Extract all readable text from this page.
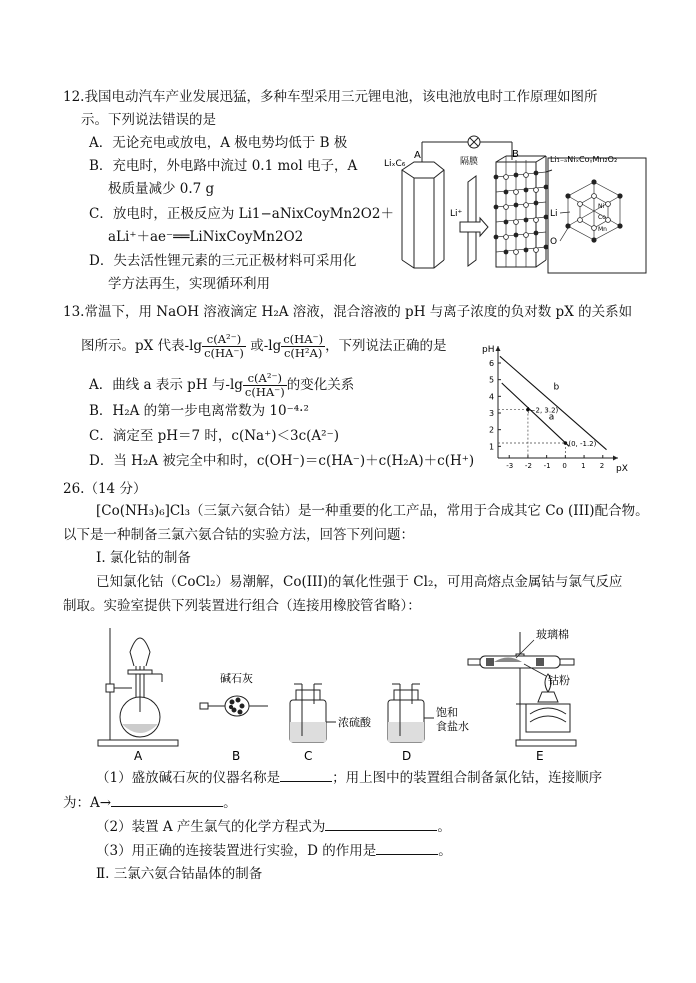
12.我国电动汽车产业发展迅猛，多种车型采用三元锂电池，该电池放电时工作原理如图所
示。下列说法错误的是
A．无论充电或放电，A 极电势均低于 B 极
B．充电时，外电路中流过 0.1 mol 电子，A
极质量减少 0.7 g
C．放电时，正极反应为 Li1−aNixCoyMn2O2＋
aLi⁺＋ae⁻══LiNixCoyMn2O2
D．失去活性锂元素的三元正极材料可采用化
学方法再生，实现循环利用
LiₓC₆
A
隔膜
Li⁺
B	Li₁₋ₐNiₓCoᵧMn₂O₂
Li
O
Ni
Co
Mn
13.常温下，用 NaOH 溶液滴定 H₂A 溶液，混合溶液的 pH 与离子浓度的负对数 pX 的关系如
图所示。pX 代表$-\lg \frac{\text{c(A²⁻)}}{c(HA^-)}$ 或$-\lg \frac{c(HA^-)}{\text{c(H²A)}}$ ，下列说法正确的是
A．曲线 a 表示 pH 与$-\lg \frac{\text{c(A²⁻)}}{c(HA^-)}$ 的变化关系
B．H₂A 的第一步电离常数为 10⁻⁴·²
C．滴定至 pH＝7 时，c(Na⁺)＜3c(A²⁻)
D．当 H₂A 被完全中和时，c(OH⁻)＝c(HA⁻)＋c(H₂A)＋c(H⁺)
pH
pX
1
2
3
4
5
6
-3 -2 -1 0 1 2
a
b
(0, -1.2)
(−2, 3.2)
26.（14 分）
[Co(NH₃)₆]Cl₃（三氯六氨合钴）是一种重要的化工产品，常用于合成其它 Co (III)配合物。
以下是一种制备三氯六氨合钴的实验方法，回答下列问题：
Ⅰ. 氯化钴的制备
已知氯化钴（CoCl₂）易潮解，Co(III)的氧化性强于 Cl₂，可用高熔点金属钴与氯气反应
制取。实验室提供下列装置进行组合（连接用橡胶管省略）：
A
碱石灰
B
浓硫酸
C
饱和
食盐水
D
玻璃棉
钴粉
E
（1）盛放碱石灰的仪器名称是	；用上图中的装置组合制备氯化钴，连接顺序
为：A→	。
（2）装置 A 产生氯气的化学方程式为	。
（3）用正确的连接装置进行实验，D 的作用是	。
Ⅱ. 三氯六氨合钴晶体的制备
